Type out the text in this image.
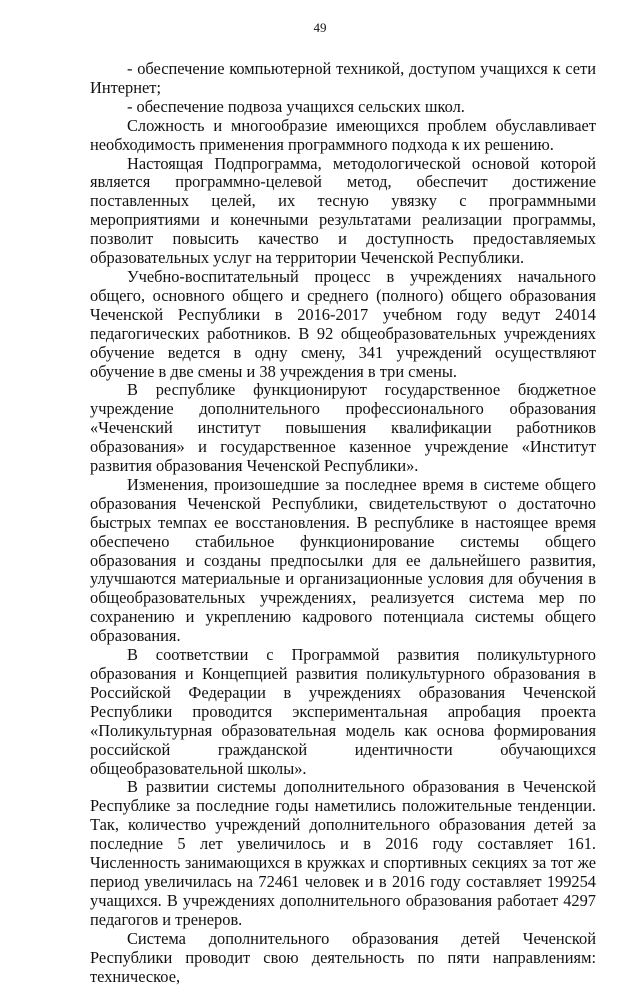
49

- обеспечение компьютерной техникой, доступом учащихся к сети Интернет;

- обеспечение подвоза учащихся сельских школ.

Сложность и многообразие имеющихся проблем обуславливает необходимость применения программного подхода к их решению.

Настоящая Подпрограмма, методологической основой которой является программно-целевой метод, обеспечит достижение поставленных целей, их тесную увязку с программными мероприятиями и конечными результатами реализации программы, позволит повысить качество и доступность предоставляемых образовательных услуг на территории Чеченской Республики.

Учебно-воспитательный процесс в учреждениях начального общего, основного общего и среднего (полного) общего образования Чеченской Республики в 2016-2017 учебном году ведут 24014 педагогических работников. В 92 общеобразовательных учреждениях обучение ведется в одну смену, 341 учреждений осуществляют обучение в две смены и 38 учреждения в три смены.

В республике функционируют государственное бюджетное учреждение дополнительного профессионального образования «Чеченский институт повышения квалификации работников образования» и государственное казенное учреждение «Институт развития образования Чеченской Республики».

Изменения, произошедшие за последнее время в системе общего образования Чеченской Республики, свидетельствуют о достаточно быстрых темпах ее восстановления. В республике в настоящее время обеспечено стабильное функционирование системы общего образования и созданы предпосылки для ее дальнейшего развития, улучшаются материальные и организационные условия для обучения в общеобразовательных учреждениях, реализуется система мер по сохранению и укреплению кадрового потенциала системы общего образования.

В соответствии с Программой развития поликультурного образования и Концепцией развития поликультурного образования в Российской Федерации в учреждениях образования Чеченской Республики проводится экспериментальная апробация проекта «Поликультурная образовательная модель как основа формирования российской гражданской идентичности обучающихся общеобразовательной школы».

В развитии системы дополнительного образования в Чеченской Республике за последние годы наметились положительные тенденции. Так, количество учреждений дополнительного образования детей за последние 5 лет увеличилось и в 2016 году составляет 161. Численность занимающихся в кружках и спортивных секциях за тот же период увеличилась на 72461 человек и в 2016 году составляет 199254 учащихся. В учреждениях дополнительного образования работает 4297 педагогов и тренеров.

Система дополнительного образования детей Чеченской Республики проводит свою деятельность по пяти направлениям: техническое,
